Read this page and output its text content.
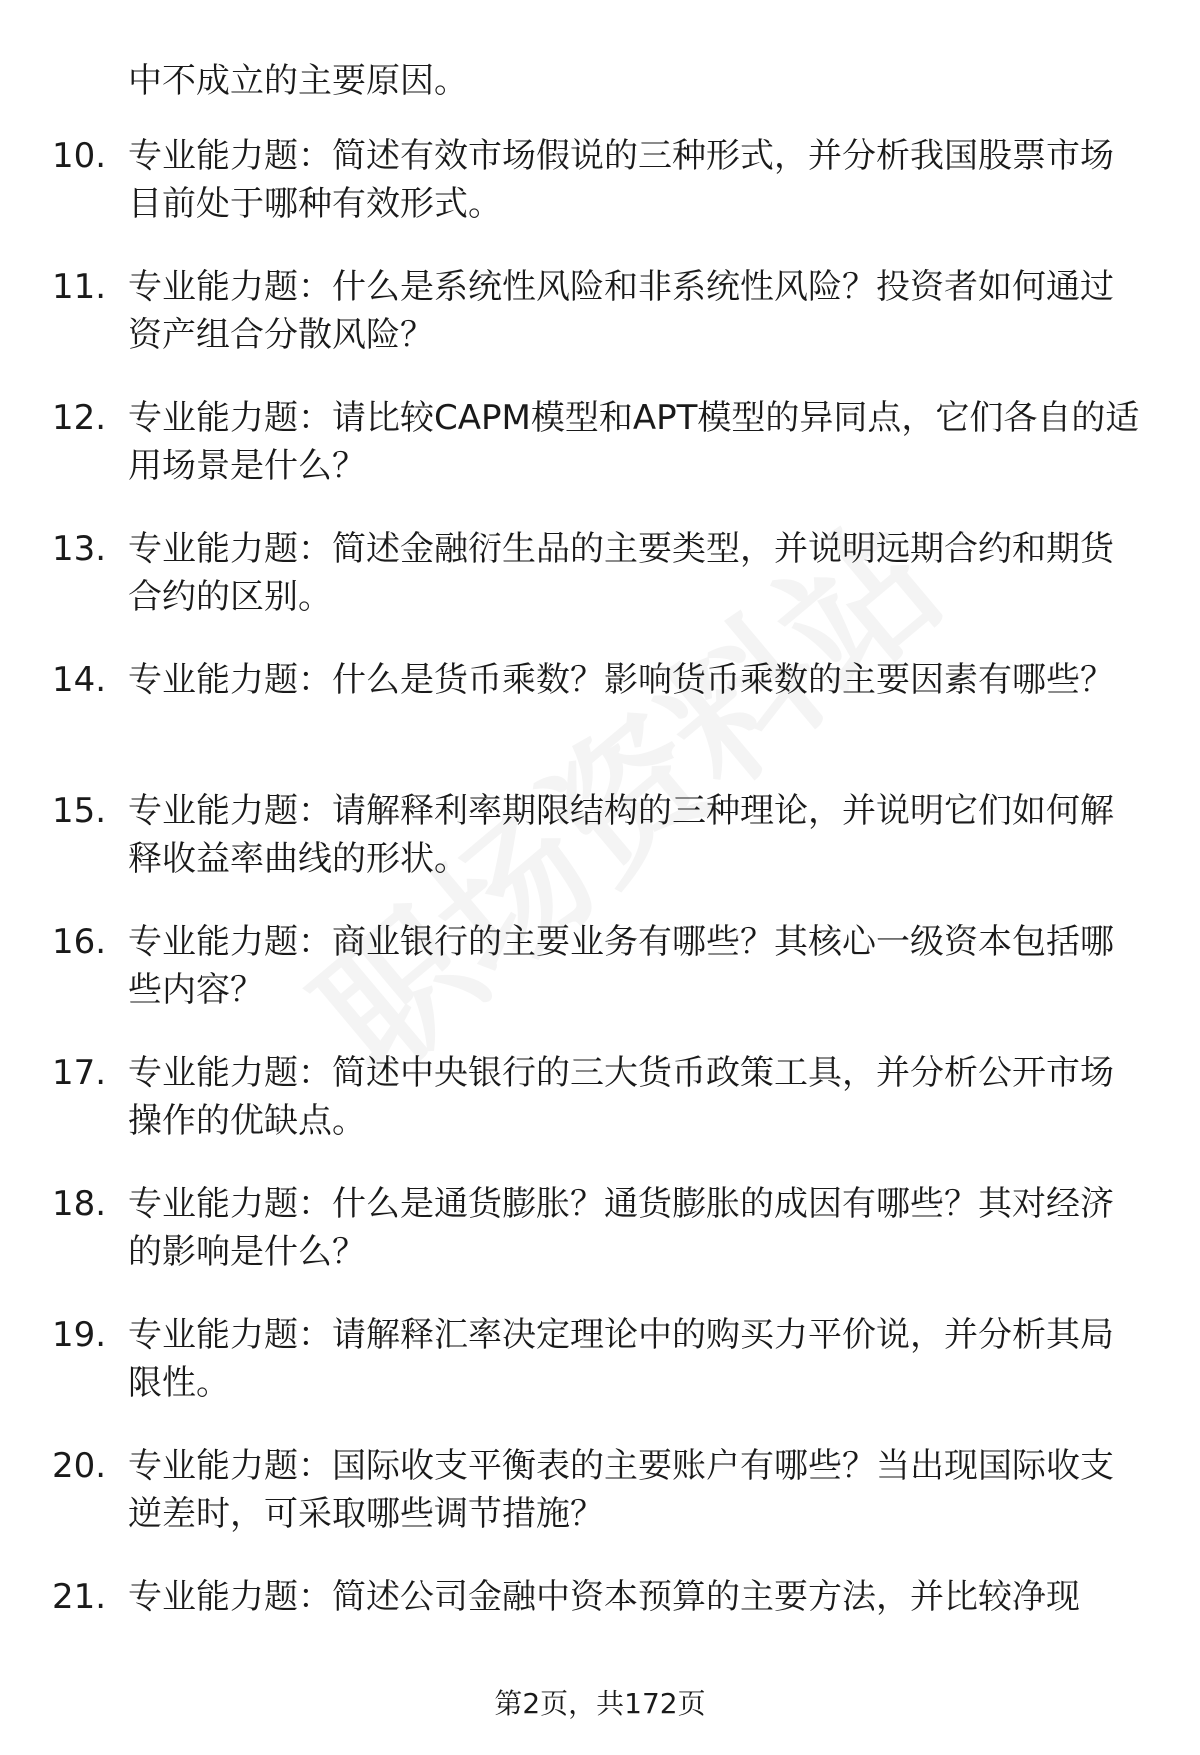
中不成立的主要原因。
10. 专业能力题：简述有效市场假说的三种形式，并分析我国股票市场目前处于哪种有效形式。
11. 专业能力题：什么是系统性风险和非系统性风险？投资者如何通过资产组合分散风险？
12. 专业能力题：请比较CAPM模型和APT模型的异同点，它们各自的适用场景是什么？
13. 专业能力题：简述金融衍生品的主要类型，并说明远期合约和期货合约的区别。
14. 专业能力题：什么是货币乘数？影响货币乘数的主要因素有哪些？
15. 专业能力题：请解释利率期限结构的三种理论，并说明它们如何解释收益率曲线的形状。
16. 专业能力题：商业银行的主要业务有哪些？其核心一级资本包括哪些内容？
17. 专业能力题：简述中央银行的三大货币政策工具，并分析公开市场操作的优缺点。
18. 专业能力题：什么是通货膨胀？通货膨胀的成因有哪些？其对经济的影响是什么？
19. 专业能力题：请解释汇率决定理论中的购买力平价说，并分析其局限性。
20. 专业能力题：国际收支平衡表的主要账户有哪些？当出现国际收支逆差时，可采取哪些调节措施？
21. 专业能力题：简述公司金融中资本预算的主要方法，并比较净现
第2页，共172页
